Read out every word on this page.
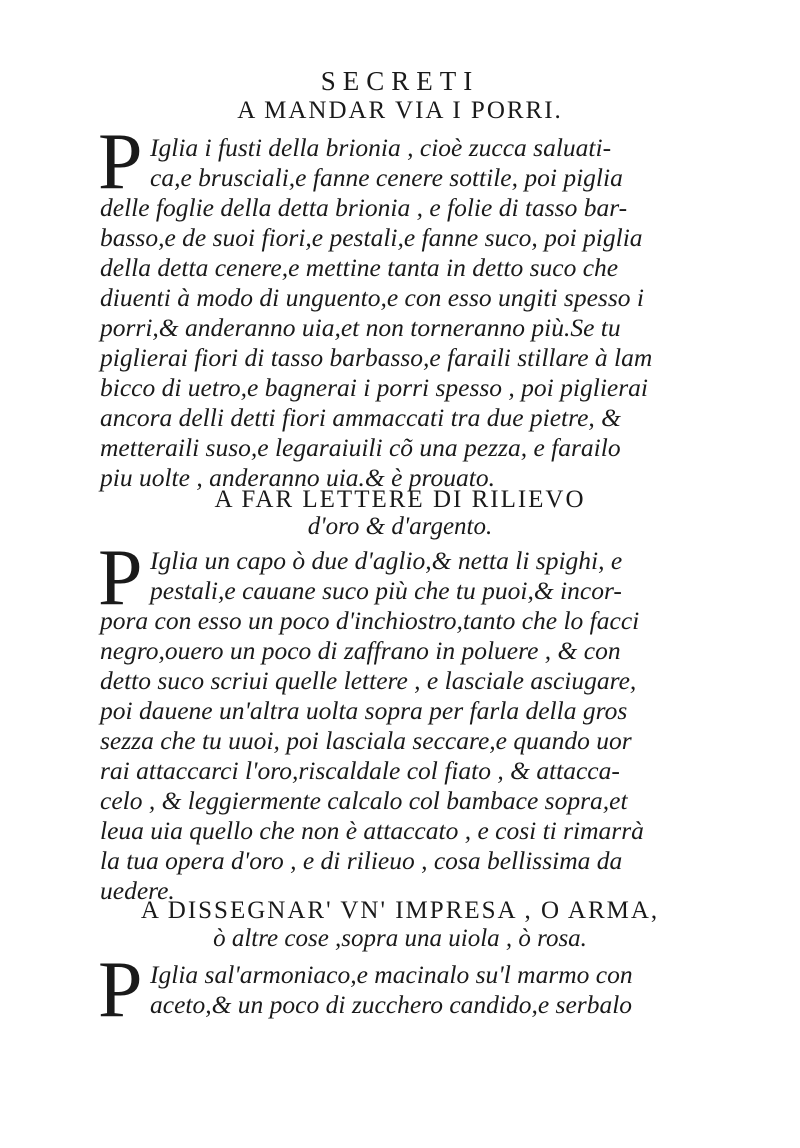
SECRETI
A MANDAR VIA I PORRI.
P Iglia i fusti della brionia , cioè zucca saluati-
ca,e brusciali,e fanne cenere sottile, poi piglia
delle foglie della detta brionia , e folie di tasso bar-
basso,e de suoi fiori,e pestali,e fanne suco, poi piglia
della detta cenere,e mettine tanta in detto suco che
diuenti à modo di unguento,e con esso ungiti spesso i
porri,& anderanno uia,et non torneranno più.Se tu
piglierai fiori di tasso barbasso,e faraili stillare à lam
bicco di uetro,e bagnerai i porri spesso , poi piglierai
ancora delli detti fiori ammaccati tra due pietre, &
metteraili suso,e legaraiuili cõ una pezza, e farailo
piu uolte , anderanno uia.& è prouato.
A FAR LETTERE DI RILIEVO
d'oro & d'argento.
P Iglia un capo ò due d'aglio,& netta li spighi, e
pestali,e cauane suco più che tu puoi,& incor-
pora con esso un poco d'inchiostro,tanto che lo facci
negro,ouero un poco di zaffrano in poluere , & con
detto suco scriui quelle lettere , e lasciale asciugare,
poi dauene un'altra uolta sopra per farla della gros
sezza che tu uuoi, poi lasciala seccare,e quando uor
rai attaccarci l'oro,riscaldale col fiato , & attacca-
celo , & leggiermente calcalo col bambace sopra,et
leua uia quello che non è attaccato , e cosi ti rimarrà
la tua opera d'oro , e di rilieuo , cosa bellissima da
uedere.
A DISSEGNAR' VN' IMPRESA , O ARMA,
ò altre cose ,sopra una uiola , ò rosa.
P Iglia sal'armoniaco,e macinalo su'l marmo con
aceto,& un poco di zucchero candido,e serbalo
